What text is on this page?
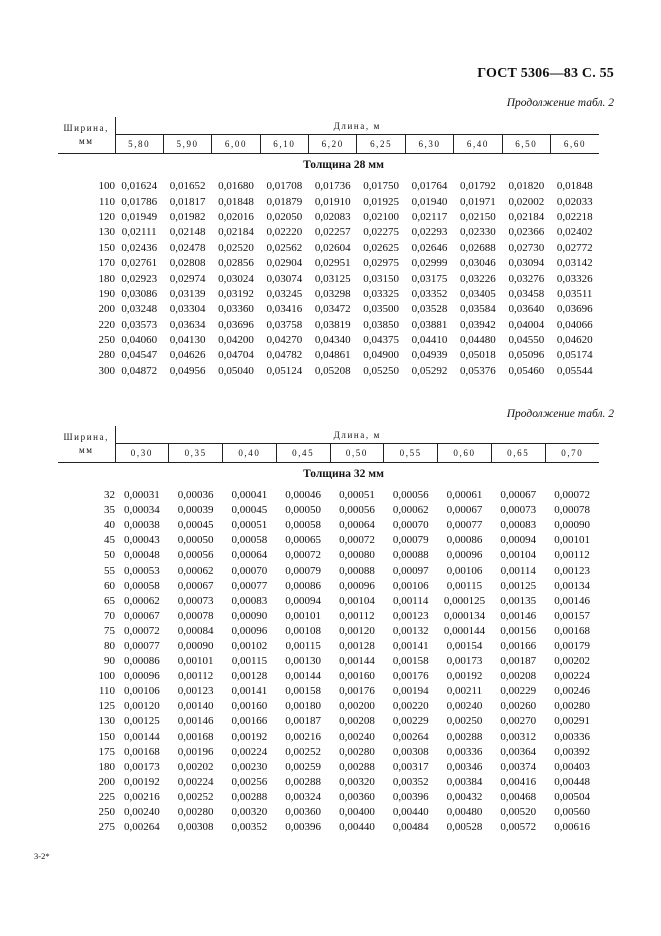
ГОСТ 5306—83 С. 55
Продолжение табл. 2
Ширина,
мм	Длина, м									
	5,80	5,90	6,00	6,10	6,20	6,25	6,30	6,40	6,50	6,60
Толщина 28 мм										
100	0,01624	0,01652	0,01680	0,01708	0,01736	0,01750	0,01764	0,01792	0,01820	0,01848
110	0,01786	0,01817	0,01848	0,01879	0,01910	0,01925	0,01940	0,01971	0,02002	0,02033
120	0,01949	0,01982	0,02016	0,02050	0,02083	0,02100	0,02117	0,02150	0,02184	0,02218
130	0,02111	0,02148	0,02184	0,02220	0,02257	0,02275	0,02293	0,02330	0,02366	0,02402
150	0,02436	0,02478	0,02520	0,02562	0,02604	0,02625	0,02646	0,02688	0,02730	0,02772
170	0,02761	0,02808	0,02856	0,02904	0,02951	0,02975	0,02999	0,03046	0,03094	0,03142
180	0,02923	0,02974	0,03024	0,03074	0,03125	0,03150	0,03175	0,03226	0,03276	0,03326
190	0,03086	0,03139	0,03192	0,03245	0,03298	0,03325	0,03352	0,03405	0,03458	0,03511
200	0,03248	0,03304	0,03360	0,03416	0,03472	0,03500	0,03528	0,03584	0,03640	0,03696
220	0,03573	0,03634	0,03696	0,03758	0,03819	0,03850	0,03881	0,03942	0,04004	0,04066
250	0,04060	0,04130	0,04200	0,04270	0,04340	0,04375	0,04410	0,04480	0,04550	0,04620
280	0,04547	0,04626	0,04704	0,04782	0,04861	0,04900	0,04939	0,05018	0,05096	0,05174
300	0,04872	0,04956	0,05040	0,05124	0,05208	0,05250	0,05292	0,05376	0,05460	0,05544
Продолжение табл. 2
Ширина,
мм	Длина, м								
	0,30	0,35	0,40	0,45	0,50	0,55	0,60	0,65	0,70
Толщина 32 мм									
32	0,00031	0,00036	0,00041	0,00046	0,00051	0,00056	0,00061	0,00067	0,00072
35	0,00034	0,00039	0,00045	0,00050	0,00056	0,00062	0,00067	0,00073	0,00078
40	0,00038	0,00045	0,00051	0,00058	0,00064	0,00070	0,00077	0,00083	0,00090
45	0,00043	0,00050	0,00058	0,00065	0,00072	0,00079	0,00086	0,00094	0,00101
50	0,00048	0,00056	0,00064	0,00072	0,00080	0,00088	0,00096	0,00104	0,00112
55	0,00053	0,00062	0,00070	0,00079	0,00088	0,00097	0,00106	0,00114	0,00123
60	0,00058	0,00067	0,00077	0,00086	0,00096	0,00106	0,00115	0,00125	0,00134
65	0,00062	0,00073	0,00083	0,00094	0,00104	0,00114	0,000125	0,00135	0,00146
70	0,00067	0,00078	0,00090	0,00101	0,00112	0,00123	0,000134	0,00146	0,00157
75	0,00072	0,00084	0,00096	0,00108	0,00120	0,00132	0,000144	0,00156	0,00168
80	0,00077	0,00090	0,00102	0,00115	0,00128	0,00141	0,00154	0,00166	0,00179
90	0,00086	0,00101	0,00115	0,00130	0,00144	0,00158	0,00173	0,00187	0,00202
100	0,00096	0,00112	0,00128	0,00144	0,00160	0,00176	0,00192	0,00208	0,00224
110	0,00106	0,00123	0,00141	0,00158	0,00176	0,00194	0,00211	0,00229	0,00246
125	0,00120	0,00140	0,00160	0,00180	0,00200	0,00220	0,00240	0,00260	0,00280
130	0,00125	0,00146	0,00166	0,00187	0,00208	0,00229	0,00250	0,00270	0,00291
150	0,00144	0,00168	0,00192	0,00216	0,00240	0,00264	0,00288	0,00312	0,00336
175	0,00168	0,00196	0,00224	0,00252	0,00280	0,00308	0,00336	0,00364	0,00392
180	0,00173	0,00202	0,00230	0,00259	0,00288	0,00317	0,00346	0,00374	0,00403
200	0,00192	0,00224	0,00256	0,00288	0,00320	0,00352	0,00384	0,00416	0,00448
225	0,00216	0,00252	0,00288	0,00324	0,00360	0,00396	0,00432	0,00468	0,00504
250	0,00240	0,00280	0,00320	0,00360	0,00400	0,00440	0,00480	0,00520	0,00560
275	0,00264	0,00308	0,00352	0,00396	0,00440	0,00484	0,00528	0,00572	0,00616
3-2*
